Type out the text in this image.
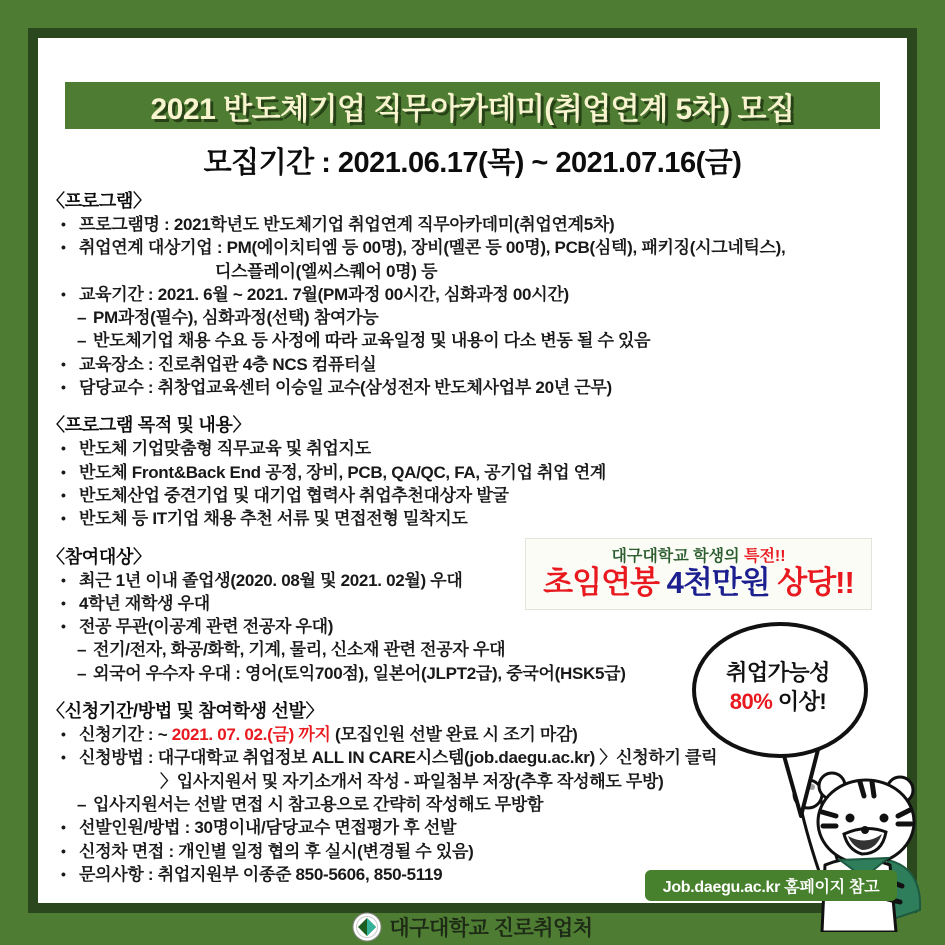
2021 반도체기업 직무아카데미(취업연계 5차) 모집
모집기간 : 2021.06.17(목) ~ 2021.07.16(금)
〈프로그램〉
• 프로그램명 : 2021학년도 반도체기업 취업연계 직무아카데미(취업연계5차)
• 취업연계 대상기업 : PM(에이치티엠 등 00명), 장비(멜콘 등 00명), PCB(심텍), 패키징(시그네틱스),
디스플레이(엘씨스퀘어 0명) 등
• 교육기간 : 2021. 6월 ~ 2021. 7월(PM과정 00시간, 심화과정 00시간)
– PM과정(필수), 심화과정(선택) 참여가능
– 반도체기업 채용 수요 등 사정에 따라 교육일정 및 내용이 다소 변동 될 수 있음
• 교육장소 : 진로취업관 4층 NCS 컴퓨터실
• 담당교수 : 취창업교육센터 이승일 교수(삼성전자 반도체사업부 20년 근무)
〈프로그램 목적 및 내용〉
• 반도체 기업맞춤형 직무교육 및 취업지도
• 반도체 Front&Back End 공정, 장비, PCB, QA/QC, FA, 공기업 취업 연계
• 반도체산업 중견기업 및 대기업 협력사 취업추천대상자 발굴
• 반도체 등 IT기업 채용 추천 서류 및 면접전형 밀착지도
〈참여대상〉
• 최근 1년 이내 졸업생(2020. 08월 및 2021. 02월) 우대
• 4학년 재학생 우대
• 전공 무관(이공계 관련 전공자 우대)
– 전기/전자, 화공/화학, 기계, 물리, 신소재 관련 전공자 우대
– 외국어 우수자 우대 : 영어(토익700점), 일본어(JLPT2급), 중국어(HSK5급)
〈신청기간/방법 및 참여학생 선발〉
• 신청기간 : ~ 2021. 07. 02.(금) 까지 (모집인원 선발 완료 시 조기 마감)
• 신청방법 : 대구대학교 취업정보 ALL IN CARE시스템(job.daegu.ac.kr) 〉신청하기 클릭
〉입사지원서 및 자기소개서 작성 - 파일첨부 저장(추후 작성해도 무방)
– 입사지원서는 선발 면접 시 참고용으로 간략히 작성해도 무방함
• 선발인원/방법 : 30명이내/담당교수 면접평가 후 선발
• 신정차 면접 : 개인별 일정 협의 후 실시(변경될 수 있음)
• 문의사항 : 취업지원부 이종준 850-5606, 850-5119
대구대학교 학생의 특전!!
초임연봉 4천만원 상당!!
취업가능성
80% 이상!
Job.daegu.ac.kr 홈페이지 참고
대구대학교 진로취업처
